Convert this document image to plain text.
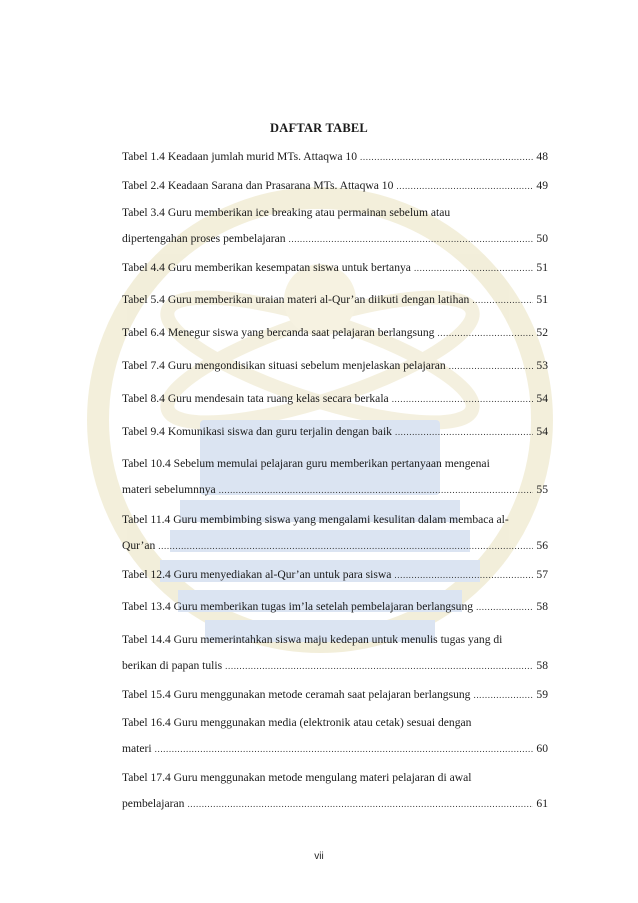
DAFTAR TABEL
Tabel 1.4 Keadaan jumlah murid MTs. Attaqwa 10 .....	48
Tabel 2.4 Keadaan Sarana dan Prasarana MTs. Attaqwa 10 .....	49
Tabel 3.4 Guru memberikan ice breaking atau permainan sebelum atau
dipertengahan proses pembelajaran .....	50
Tabel 4.4 Guru memberikan kesempatan siswa untuk bertanya .....	51
Tabel 5.4 Guru memberikan uraian materi al-Qur’an diikuti dengan latihan .....	51
Tabel 6.4 Menegur siswa yang bercanda saat pelajaran berlangsung .....	52
Tabel 7.4 Guru mengondisikan situasi sebelum menjelaskan pelajaran .....	53
Tabel 8.4 Guru mendesain tata ruang kelas secara berkala .....	54
Tabel 9.4 Komunikasi siswa dan guru terjalin dengan baik .....	54
Tabel 10.4 Sebelum memulai pelajaran guru memberikan pertanyaan mengenai
materi sebelumnnya .....	55
Tabel 11.4 Guru membimbing siswa yang mengalami kesulitan dalam membaca al-
Qur’an .....	56
Tabel 12.4 Guru menyediakan al-Qur’an untuk para siswa .....	57
Tabel 13.4 Guru memberikan tugas im’la setelah pembelajaran berlangsung .....	58
Tabel 14.4 Guru memerintahkan siswa maju kedepan untuk menulis tugas yang di
berikan di papan tulis .....	58
Tabel 15.4 Guru menggunakan metode ceramah saat pelajaran berlangsung .....	59
Tabel 16.4 Guru menggunakan media (elektronik atau cetak) sesuai dengan
materi .....	60
Tabel 17.4 Guru menggunakan metode mengulang materi pelajaran di awal
pembelajaran .....	61
vii
